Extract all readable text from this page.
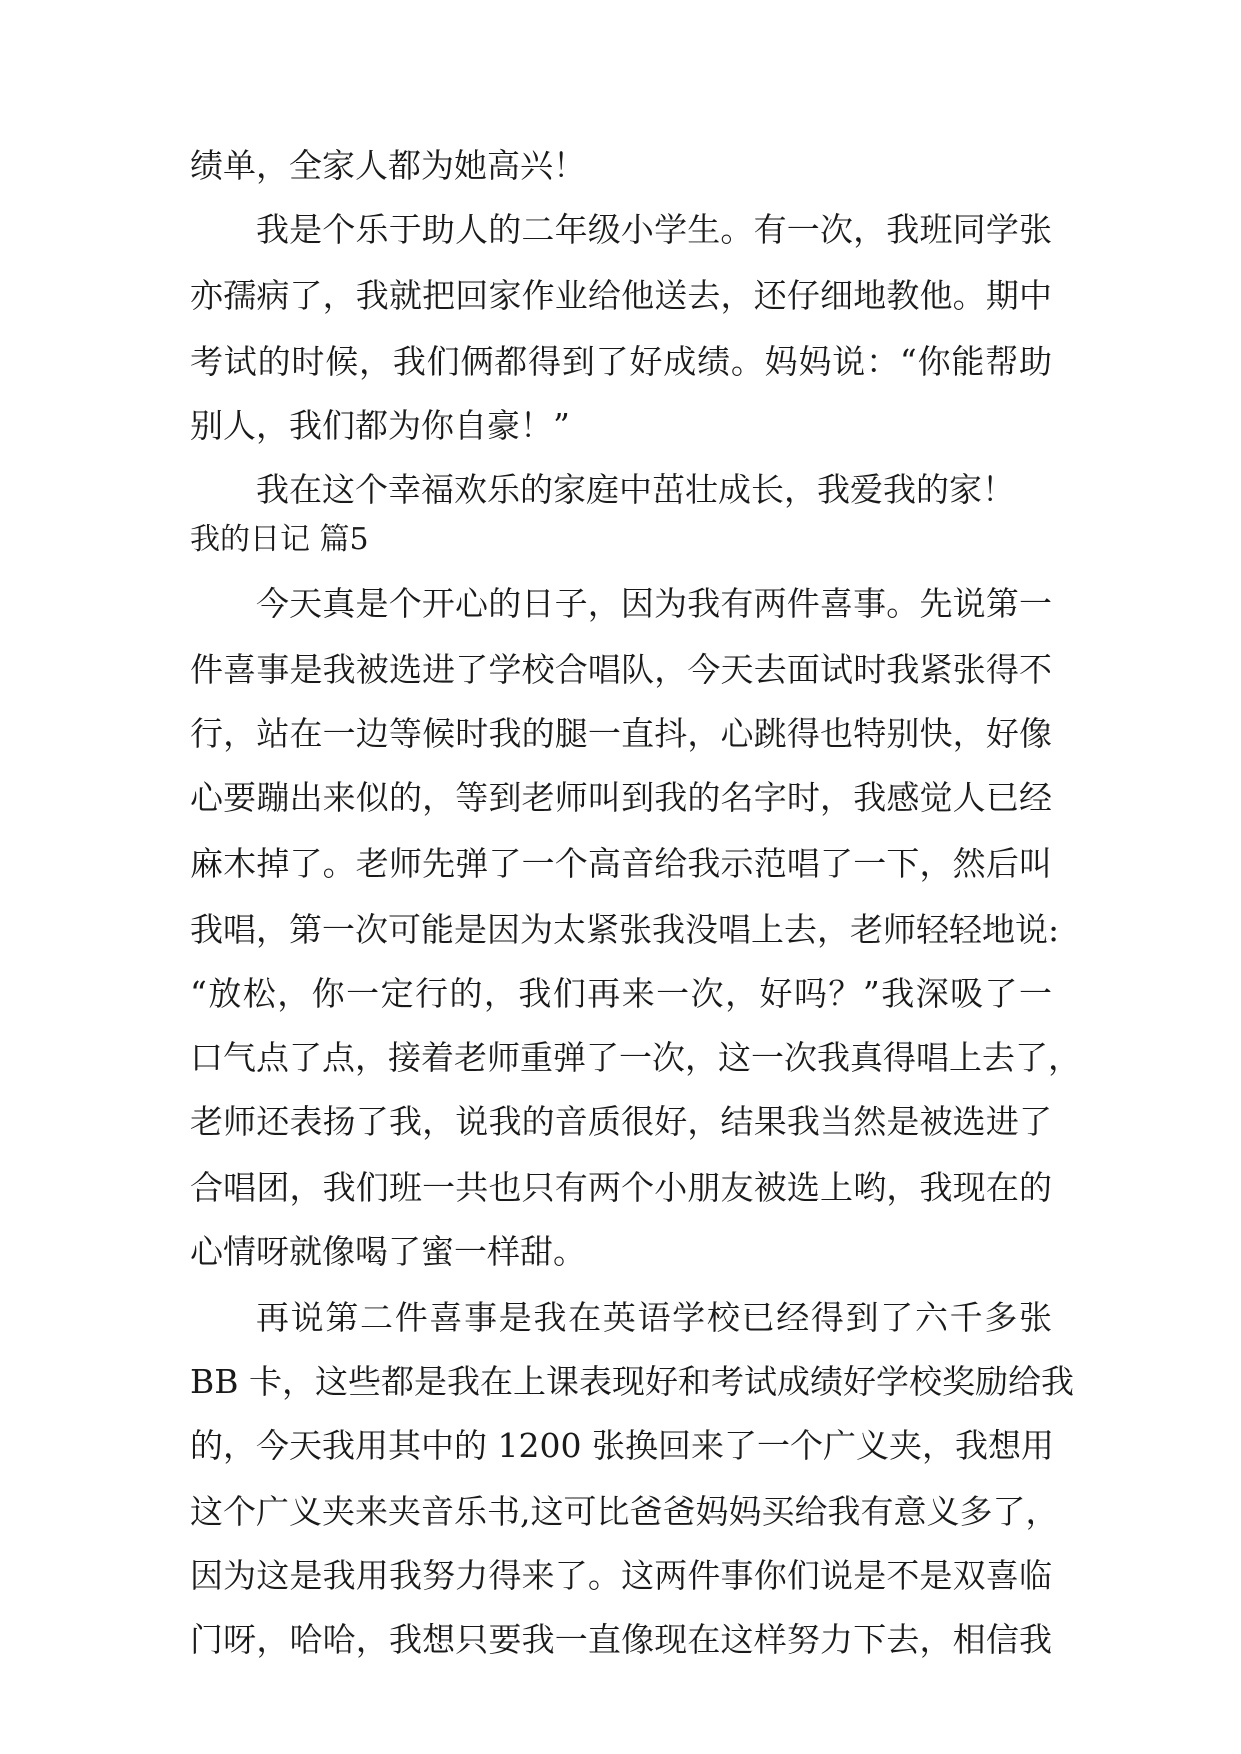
绩单，全家人都为她高兴！
我是个乐于助人的二年级小学生。有一次，我班同学张
亦孺病了，我就把回家作业给他送去，还仔细地教他。期中
考试的时候，我们俩都得到了好成绩。妈妈说：“你能帮助
别人，我们都为你自豪！”
我在这个幸福欢乐的家庭中茁壮成长，我爱我的家！
我的日记 篇5
今天真是个开心的日子，因为我有两件喜事。先说第一
件喜事是我被选进了学校合唱队，今天去面试时我紧张得不
行，站在一边等候时我的腿一直抖，心跳得也特别快，好像
心要蹦出来似的，等到老师叫到我的名字时，我感觉人已经
麻木掉了。老师先弹了一个高音给我示范唱了一下，然后叫
我唱，第一次可能是因为太紧张我没唱上去，老师轻轻地说:
“放松，你一定行的，我们再来一次，好吗？”我深吸了一
口气点了点，接着老师重弹了一次，这一次我真得唱上去了，
老师还表扬了我，说我的音质很好，结果我当然是被选进了
合唱团，我们班一共也只有两个小朋友被选上哟，我现在的
心情呀就像喝了蜜一样甜。
再说第二件喜事是我在英语学校已经得到了六千多张
BB 卡，这些都是我在上课表现好和考试成绩好学校奖励给我
的，今天我用其中的 1200 张换回来了一个广义夹，我想用
这个广义夹来夹音乐书,这可比爸爸妈妈买给我有意义多了，
因为这是我用我努力得来了。这两件事你们说是不是双喜临
门呀，哈哈，我想只要我一直像现在这样努力下去，相信我
